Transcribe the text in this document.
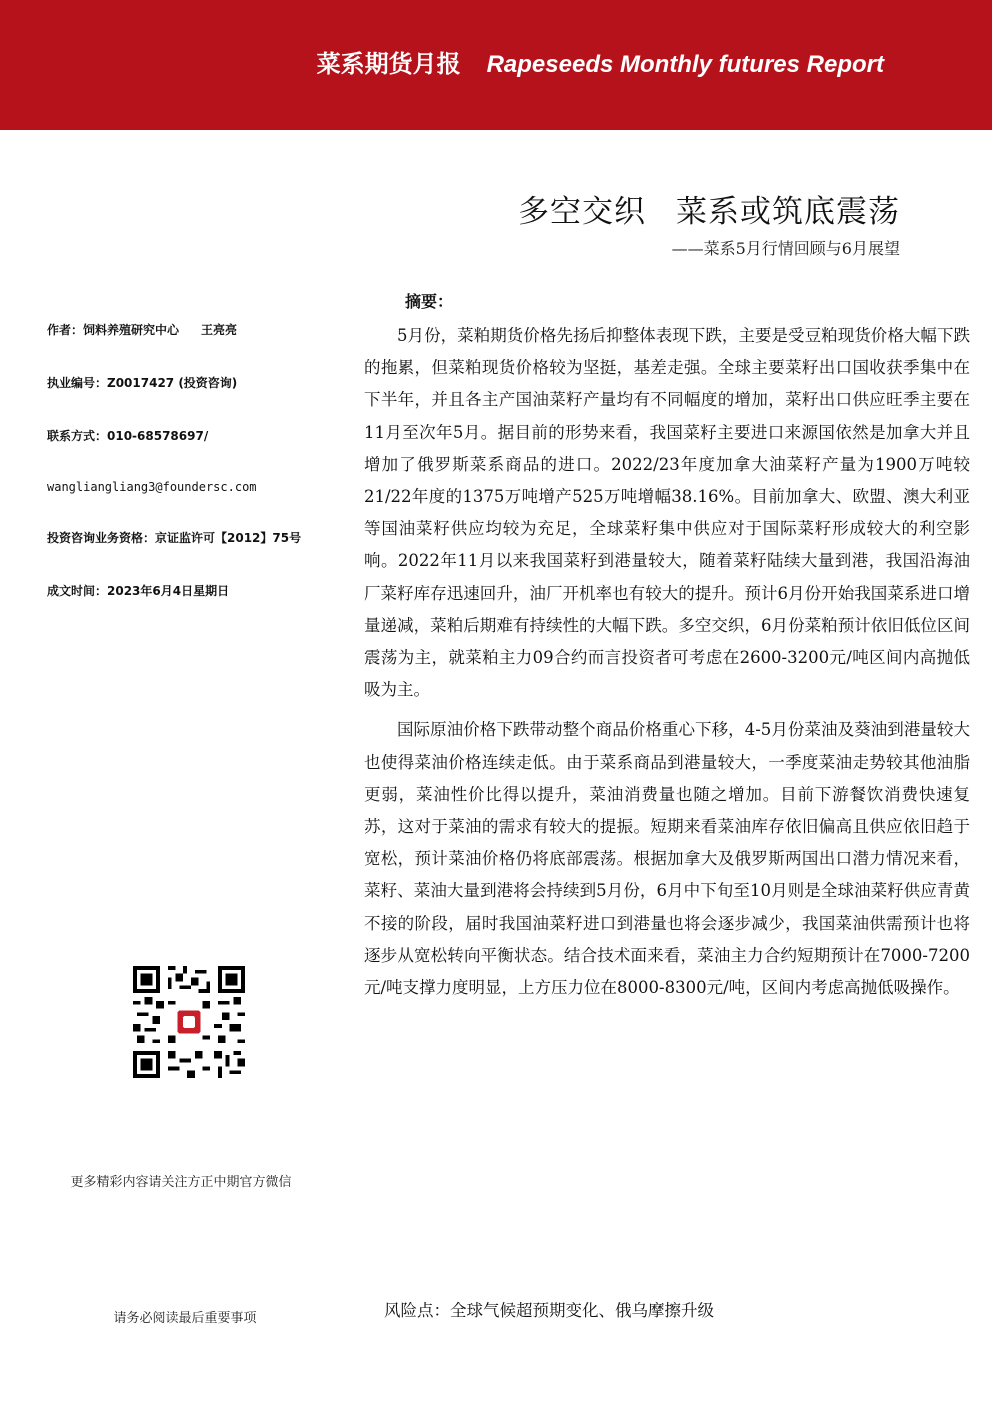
菜系期货月报 Rapeseeds Monthly futures Report
多空交织 菜系或筑底震荡
——菜系5月行情回顾与6月展望
作者：饲料养殖研究中心 王亮亮
执业编号：Z0017427 (投资咨询)
联系方式：010-68578697/
wangliangliang3@foundersc.com
投资咨询业务资格：京证监许可【2012】75号
成文时间：2023年6月4日星期日
更多精彩内容请关注方正中期官方微信
请务必阅读最后重要事项
摘要：

5月份，菜粕期货价格先扬后抑整体表现下跌，主要是受豆粕现货价格大幅下跌的拖累，但菜粕现货价格较为坚挺，基差走强。全球主要菜籽出口国收获季集中在下半年，并且各主产国油菜籽产量均有不同幅度的增加，菜籽出口供应旺季主要在11月至次年5月。据目前的形势来看，我国菜籽主要进口来源国依然是加拿大并且增加了俄罗斯菜系商品的进口。2022/23年度加拿大油菜籽产量为1900万吨较21/22年度的1375万吨增产525万吨增幅38.16%。目前加拿大、欧盟、澳大利亚等国油菜籽供应均较为充足，全球菜籽集中供应对于国际菜籽形成较大的利空影响。2022年11月以来我国菜籽到港量较大，随着菜籽陆续大量到港，我国沿海油厂菜籽库存迅速回升，油厂开机率也有较大的提升。预计6月份开始我国菜系进口增量递减，菜粕后期难有持续性的大幅下跌。多空交织，6月份菜粕预计依旧低位区间震荡为主，就菜粕主力09合约而言投资者可考虑在2600-3200元/吨区间内高抛低吸为主。

国际原油价格下跌带动整个商品价格重心下移，4-5月份菜油及葵油到港量较大也使得菜油价格连续走低。由于菜系商品到港量较大，一季度菜油走势较其他油脂更弱，菜油性价比得以提升，菜油消费量也随之增加。目前下游餐饮消费快速复苏，这对于菜油的需求有较大的提振。短期来看菜油库存依旧偏高且供应依旧趋于宽松，预计菜油价格仍将底部震荡。根据加拿大及俄罗斯两国出口潜力情况来看，菜籽、菜油大量到港将会持续到5月份，6月中下旬至10月则是全球油菜籽供应青黄不接的阶段，届时我国油菜籽进口到港量也将会逐步减少，我国菜油供需预计也将逐步从宽松转向平衡状态。结合技术面来看，菜油主力合约短期预计在7000-7200元/吨支撑力度明显，上方压力位在8000-8300元/吨，区间内考虑高抛低吸操作。

风险点：全球气候超预期变化、俄乌摩擦升级
